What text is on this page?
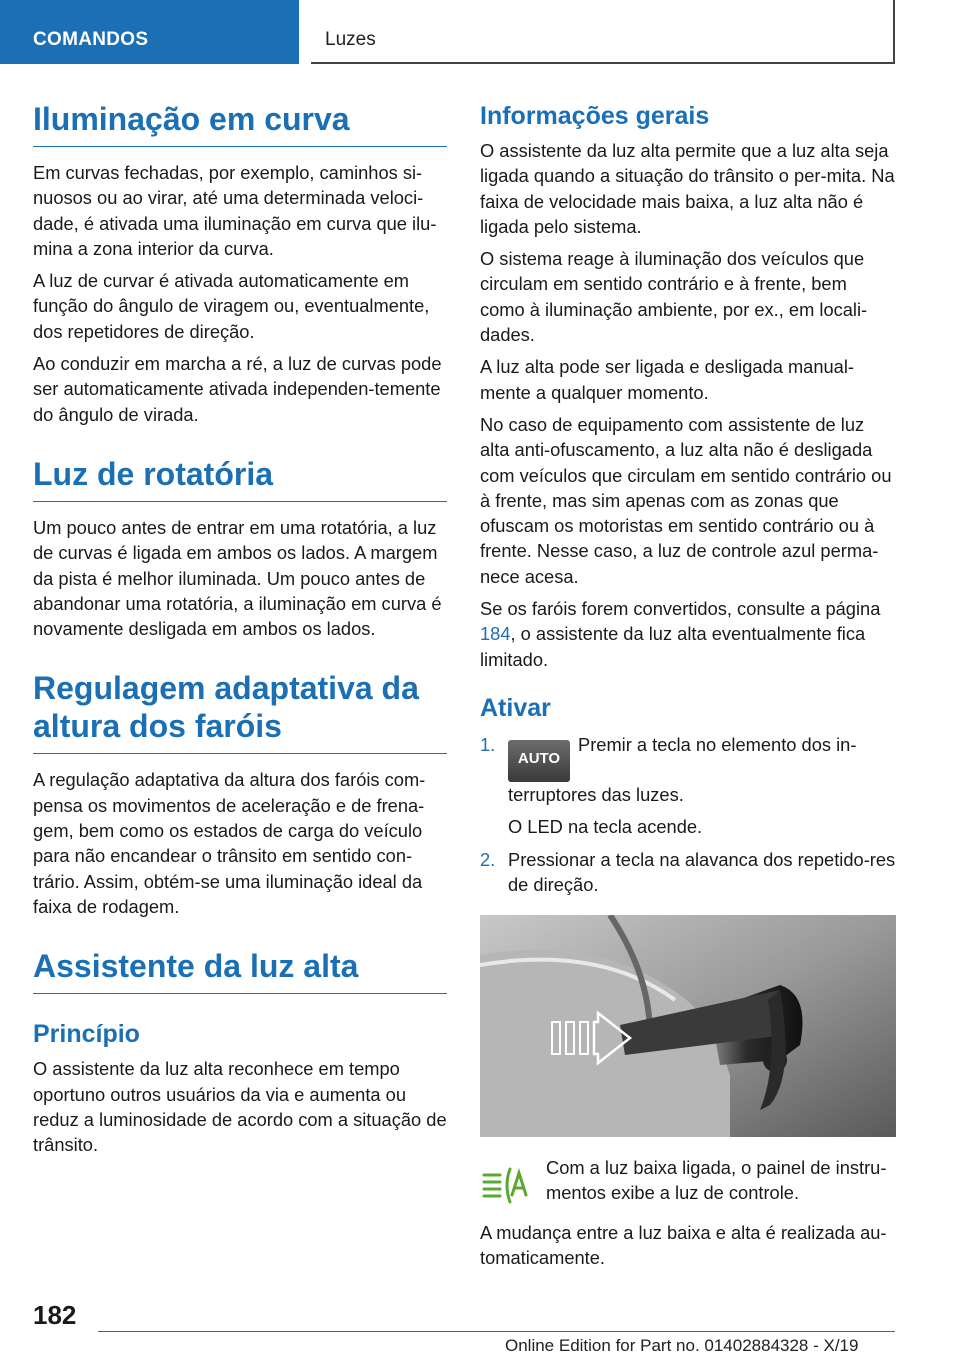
COMANDOS	Luzes
Iluminação em curva

Em curvas fechadas, por exemplo, caminhos si-nuosos ou ao virar, até uma determinada veloci-dade, é ativada uma iluminação em curva que ilu-mina a zona interior da curva.

A luz de curvar é ativada automaticamente em função do ângulo de viragem ou, eventualmente, dos repetidores de direção.

Ao conduzir em marcha a ré, a luz de curvas pode ser automaticamente ativada independen-temente do ângulo de virada.

Luz de rotatória

Um pouco antes de entrar em uma rotatória, a luz de curvas é ligada em ambos os lados. A margem da pista é melhor iluminada. Um pouco antes de abandonar uma rotatória, a iluminação em curva é novamente desligada em ambos os lados.

Regulagem adaptativa da altura dos faróis

A regulação adaptativa da altura dos faróis com-pensa os movimentos de aceleração e de frena-gem, bem como os estados de carga do veículo para não encandear o trânsito em sentido con-trário. Assim, obtém-se uma iluminação ideal da faixa de rodagem.

Assistente da luz alta
Princípio

O assistente da luz alta reconhece em tempo oportuno outros usuários da via e aumenta ou reduz a luminosidade de acordo com a situação de trânsito.

Informações gerais

O assistente da luz alta permite que a luz alta seja ligada quando a situação do trânsito o per-mita. Na faixa de velocidade mais baixa, a luz alta não é ligada pelo sistema.

O sistema reage à iluminação dos veículos que circulam em sentido contrário e à frente, bem como à iluminação ambiente, por ex., em locali-dades.

A luz alta pode ser ligada e desligada manual-mente a qualquer momento.

No caso de equipamento com assistente de luz alta anti-ofuscamento, a luz alta não é desligada com veículos que circulam em sentido contrário ou à frente, mas sim apenas com as zonas que ofuscam os motoristas em sentido contrário ou à frente. Nesse caso, a luz de controle azul perma-nece acesa.

Se os faróis forem convertidos, consulte a página 184, o assistente da luz alta eventualmente fica limitado.

Ativar
1.

AUTOPremir a tecla no elemento dos in-terruptores das luzes.

O LED na tecla acende.

2. Pressionar a tecla na alavanca dos repetido-res de direção.

Com a luz baixa ligada, o painel de instru-mentos exibe a luz de controle.

A mudança entre a luz baixa e alta é realizada au-tomaticamente.

182
Online Edition for Part no. 01402884328 - X/19
